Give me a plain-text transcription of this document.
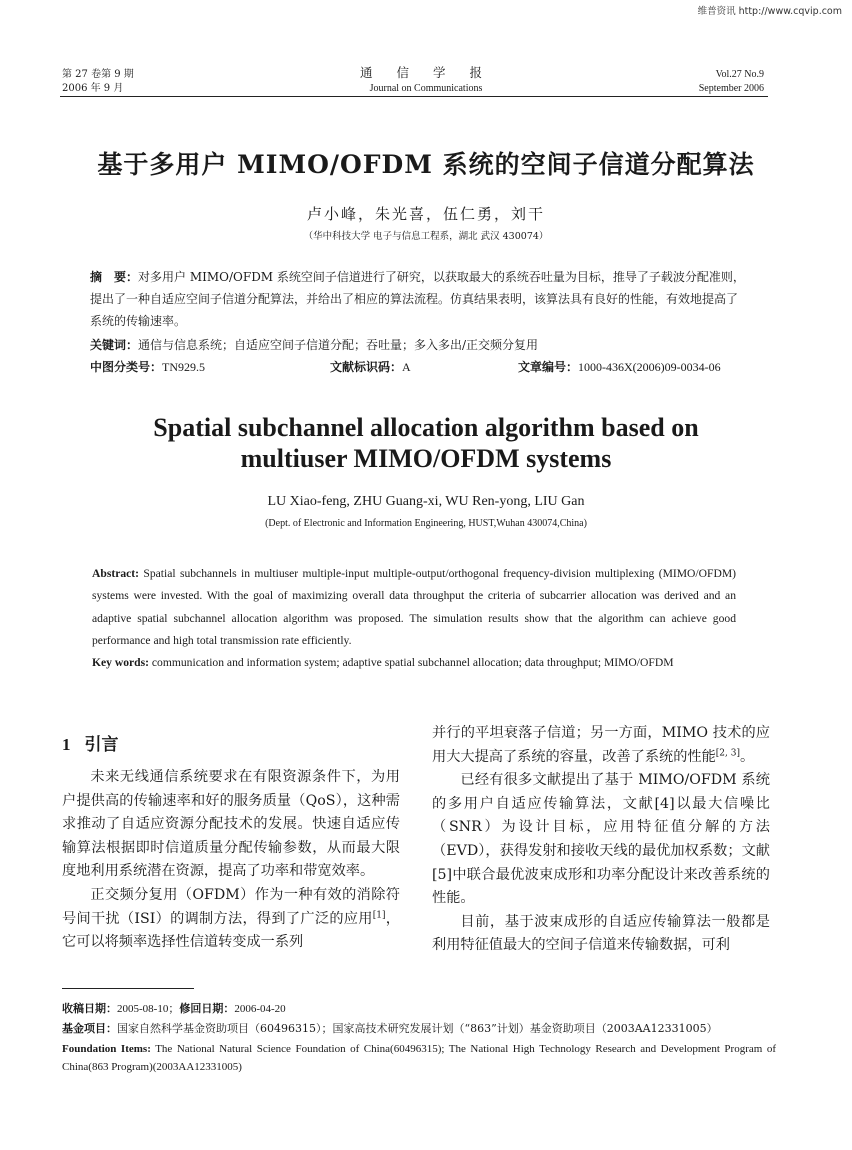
维普资讯 http://www.cqvip.com
第 27 卷第 9 期
2006 年 9 月
通 信 学 报
Journal on Communications
Vol.27 No.9
September 2006
基于多用户 MIMO/OFDM 系统的空间子信道分配算法
卢小峰，朱光喜，伍仁勇，刘干
（华中科技大学 电子与信息工程系，湖北 武汉 430074）
摘　要：对多用户 MIMO/OFDM 系统空间子信道进行了研究，以获取最大的系统吞吐量为目标，推导了子载波分配准则，提出了一种自适应空间子信道分配算法，并给出了相应的算法流程。仿真结果表明，该算法具有良好的性能，有效地提高了系统的传输速率。
关键词：通信与信息系统；自适应空间子信道分配；吞吐量；多入多出/正交频分复用
中图分类号：TN929.5	文献标识码：A	文章编号：1000-436X(2006)09-0034-06
Spatial subchannel allocation algorithm based on
multiuser MIMO/OFDM systems
LU Xiao-feng, ZHU Guang-xi, WU Ren-yong, LIU Gan
(Dept. of Electronic and Information Engineering, HUST,Wuhan 430074,China)
Abstract: Spatial subchannels in multiuser multiple-input multiple-output/orthogonal frequency-division multiplexing (MIMO/OFDM) systems were invested. With the goal of maximizing overall data throughput the criteria of subcarrier allocation was derived and an adaptive spatial subchannel allocation algorithm was proposed. The simulation results show that the algorithm can achieve good performance and high total transmission rate efficiently.
Key words: communication and information system; adaptive spatial subchannel allocation; data throughput; MIMO/OFDM
1 引言

未来无线通信系统要求在有限资源条件下，为用户提供高的传输速率和好的服务质量（QoS），这种需求推动了自适应资源分配技术的发展。快速自适应传输算法根据即时信道质量分配传输参数，从而最大限度地利用系统潜在资源，提高了功率和带宽效率。

正交频分复用（OFDM）作为一种有效的消除符号间干扰（ISI）的调制方法，得到了广泛的应用[1]，它可以将频率选择性信道转变成一系列

并行的平坦衰落子信道；另一方面，MIMO 技术的应用大大提高了系统的容量，改善了系统的性能[2, 3]。

已经有很多文献提出了基于 MIMO/OFDM 系统的多用户自适应传输算法，文献[4]以最大信噪比（SNR）为设计目标，应用特征值分解的方法（EVD），获得发射和接收天线的最优加权系数；文献[5]中联合最优波束成形和功率分配设计来改善系统的性能。

目前，基于波束成形的自适应传输算法一般都是利用特征值最大的空间子信道来传输数据，可利

收稿日期：2005-08-10；修回日期：2006-04-20
基金项目：国家自然科学基金资助项目（60496315）；国家高技术研究发展计划（“863”计划）基金资助项目（2003AA12331005）
Foundation Items: The National Natural Science Foundation of China(60496315); The National High Technology Research and Development Program of China(863 Program)(2003AA12331005)
